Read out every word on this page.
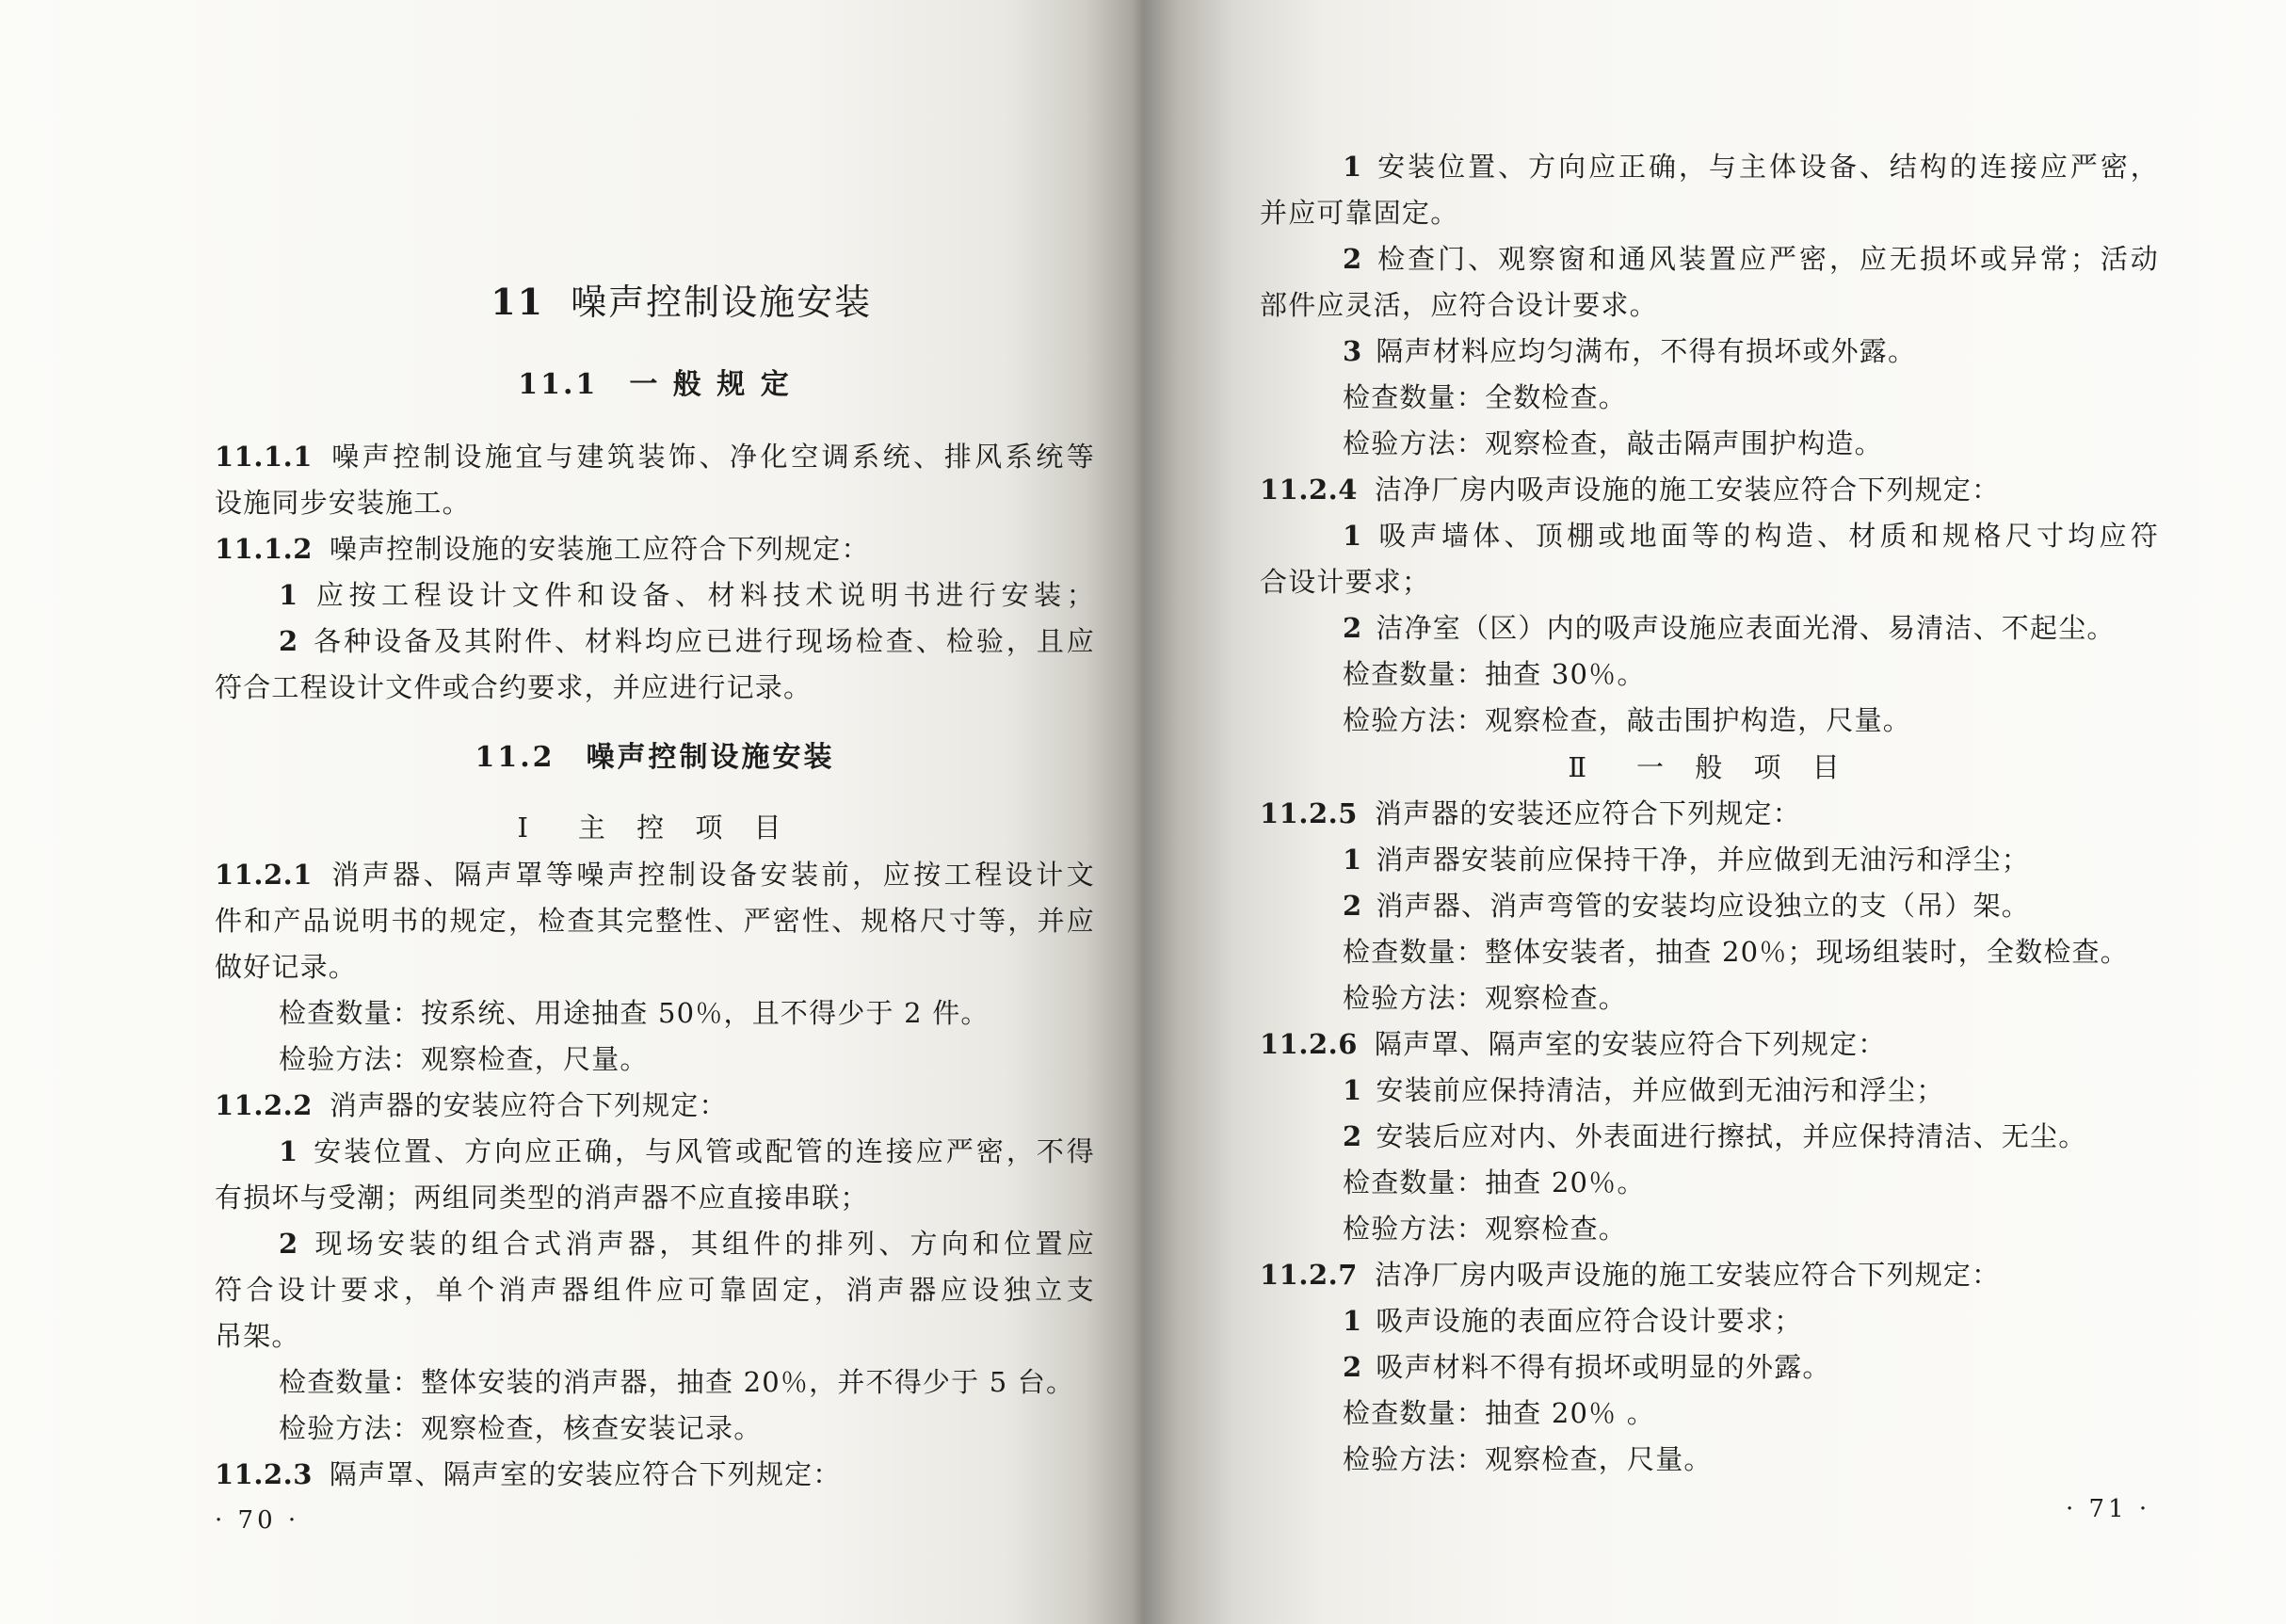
11 噪声控制设施安装

11.1　一 般 规 定
11.1.1 噪声控制设施宜与建筑装饰、净化空调系统、排风系统等
设施同步安装施工。
11.1.2 噪声控制设施的安装施工应符合下列规定：
1 应按工程设计文件和设备、材料技术说明书进行安装；
2 各种设备及其附件、材料均应已进行现场检查、检验，且应
符合工程设计文件或合约要求，并应进行记录。
11.2　噪声控制设施安装
Ⅰ　主 控 项 目
11.2.1 消声器、隔声罩等噪声控制设备安装前，应按工程设计文
件和产品说明书的规定，检查其完整性、严密性、规格尺寸等，并应
做好记录。
检查数量：按系统、用途抽查 50％，且不得少于 2 件。
检验方法：观察检查，尺量。
11.2.2 消声器的安装应符合下列规定：
1 安装位置、方向应正确，与风管或配管的连接应严密，不得
有损坏与受潮；两组同类型的消声器不应直接串联；
2 现场安装的组合式消声器，其组件的排列、方向和位置应
符合设计要求，单个消声器组件应可靠固定，消声器应设独立支
吊架。
检查数量：整体安装的消声器，抽查 20％，并不得少于 5 台。
检验方法：观察检查，核查安装记录。
11.2.3 隔声罩、隔声室的安装应符合下列规定：
· 70 ·
1 安装位置、方向应正确，与主体设备、结构的连接应严密，
并应可靠固定。
2 检查门、观察窗和通风装置应严密，应无损坏或异常；活动
部件应灵活，应符合设计要求。
3 隔声材料应均匀满布，不得有损坏或外露。
检查数量：全数检查。
检验方法：观察检查，敲击隔声围护构造。
11.2.4 洁净厂房内吸声设施的施工安装应符合下列规定：
1 吸声墙体、顶棚或地面等的构造、材质和规格尺寸均应符
合设计要求；
2 洁净室（区）内的吸声设施应表面光滑、易清洁、不起尘。
检查数量：抽查 30％。
检验方法：观察检查，敲击围护构造，尺量。
Ⅱ　一 般 项 目
11.2.5 消声器的安装还应符合下列规定：
1 消声器安装前应保持干净，并应做到无油污和浮尘；
2 消声器、消声弯管的安装均应设独立的支（吊）架。
检查数量：整体安装者，抽查 20％；现场组装时，全数检查。
检验方法：观察检查。
11.2.6 隔声罩、隔声室的安装应符合下列规定：
1 安装前应保持清洁，并应做到无油污和浮尘；
2 安装后应对内、外表面进行擦拭，并应保持清洁、无尘。
检查数量：抽查 20％。
检验方法：观察检查。
11.2.7 洁净厂房内吸声设施的施工安装应符合下列规定：
1 吸声设施的表面应符合设计要求；
2 吸声材料不得有损坏或明显的外露。
检查数量：抽查 20％ 。
检验方法：观察检查，尺量。
· 71 ·
